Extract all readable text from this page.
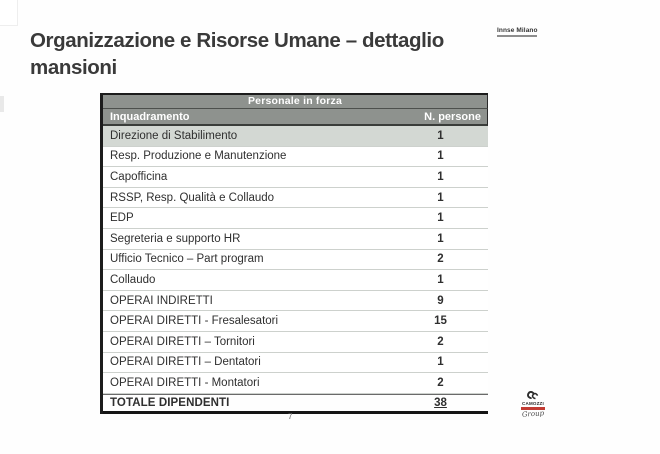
Organizzazione e Risorse Umane – dettaglio mansioni
Innse Milano
Personale in forza
Inquadramento	N. persone
Direzione di Stabilimento	1
Resp. Produzione e Manutenzione	1
Capofficina	1
RSSP, Resp. Qualità e Collaudo	1
EDP	1
Segreteria e supporto HR	1
Ufficio Tecnico – Part program	2
Collaudo	1
OPERAI INDIRETTI	9
OPERAI DIRETTI - Fresalesatori	15
OPERAI DIRETTI – Tornitori	2
OPERAI DIRETTI – Dentatori	1
OPERAI DIRETTI - Montatori	2
TOTALE DIPENDENTI	38
7
CAMOZZI
Group
